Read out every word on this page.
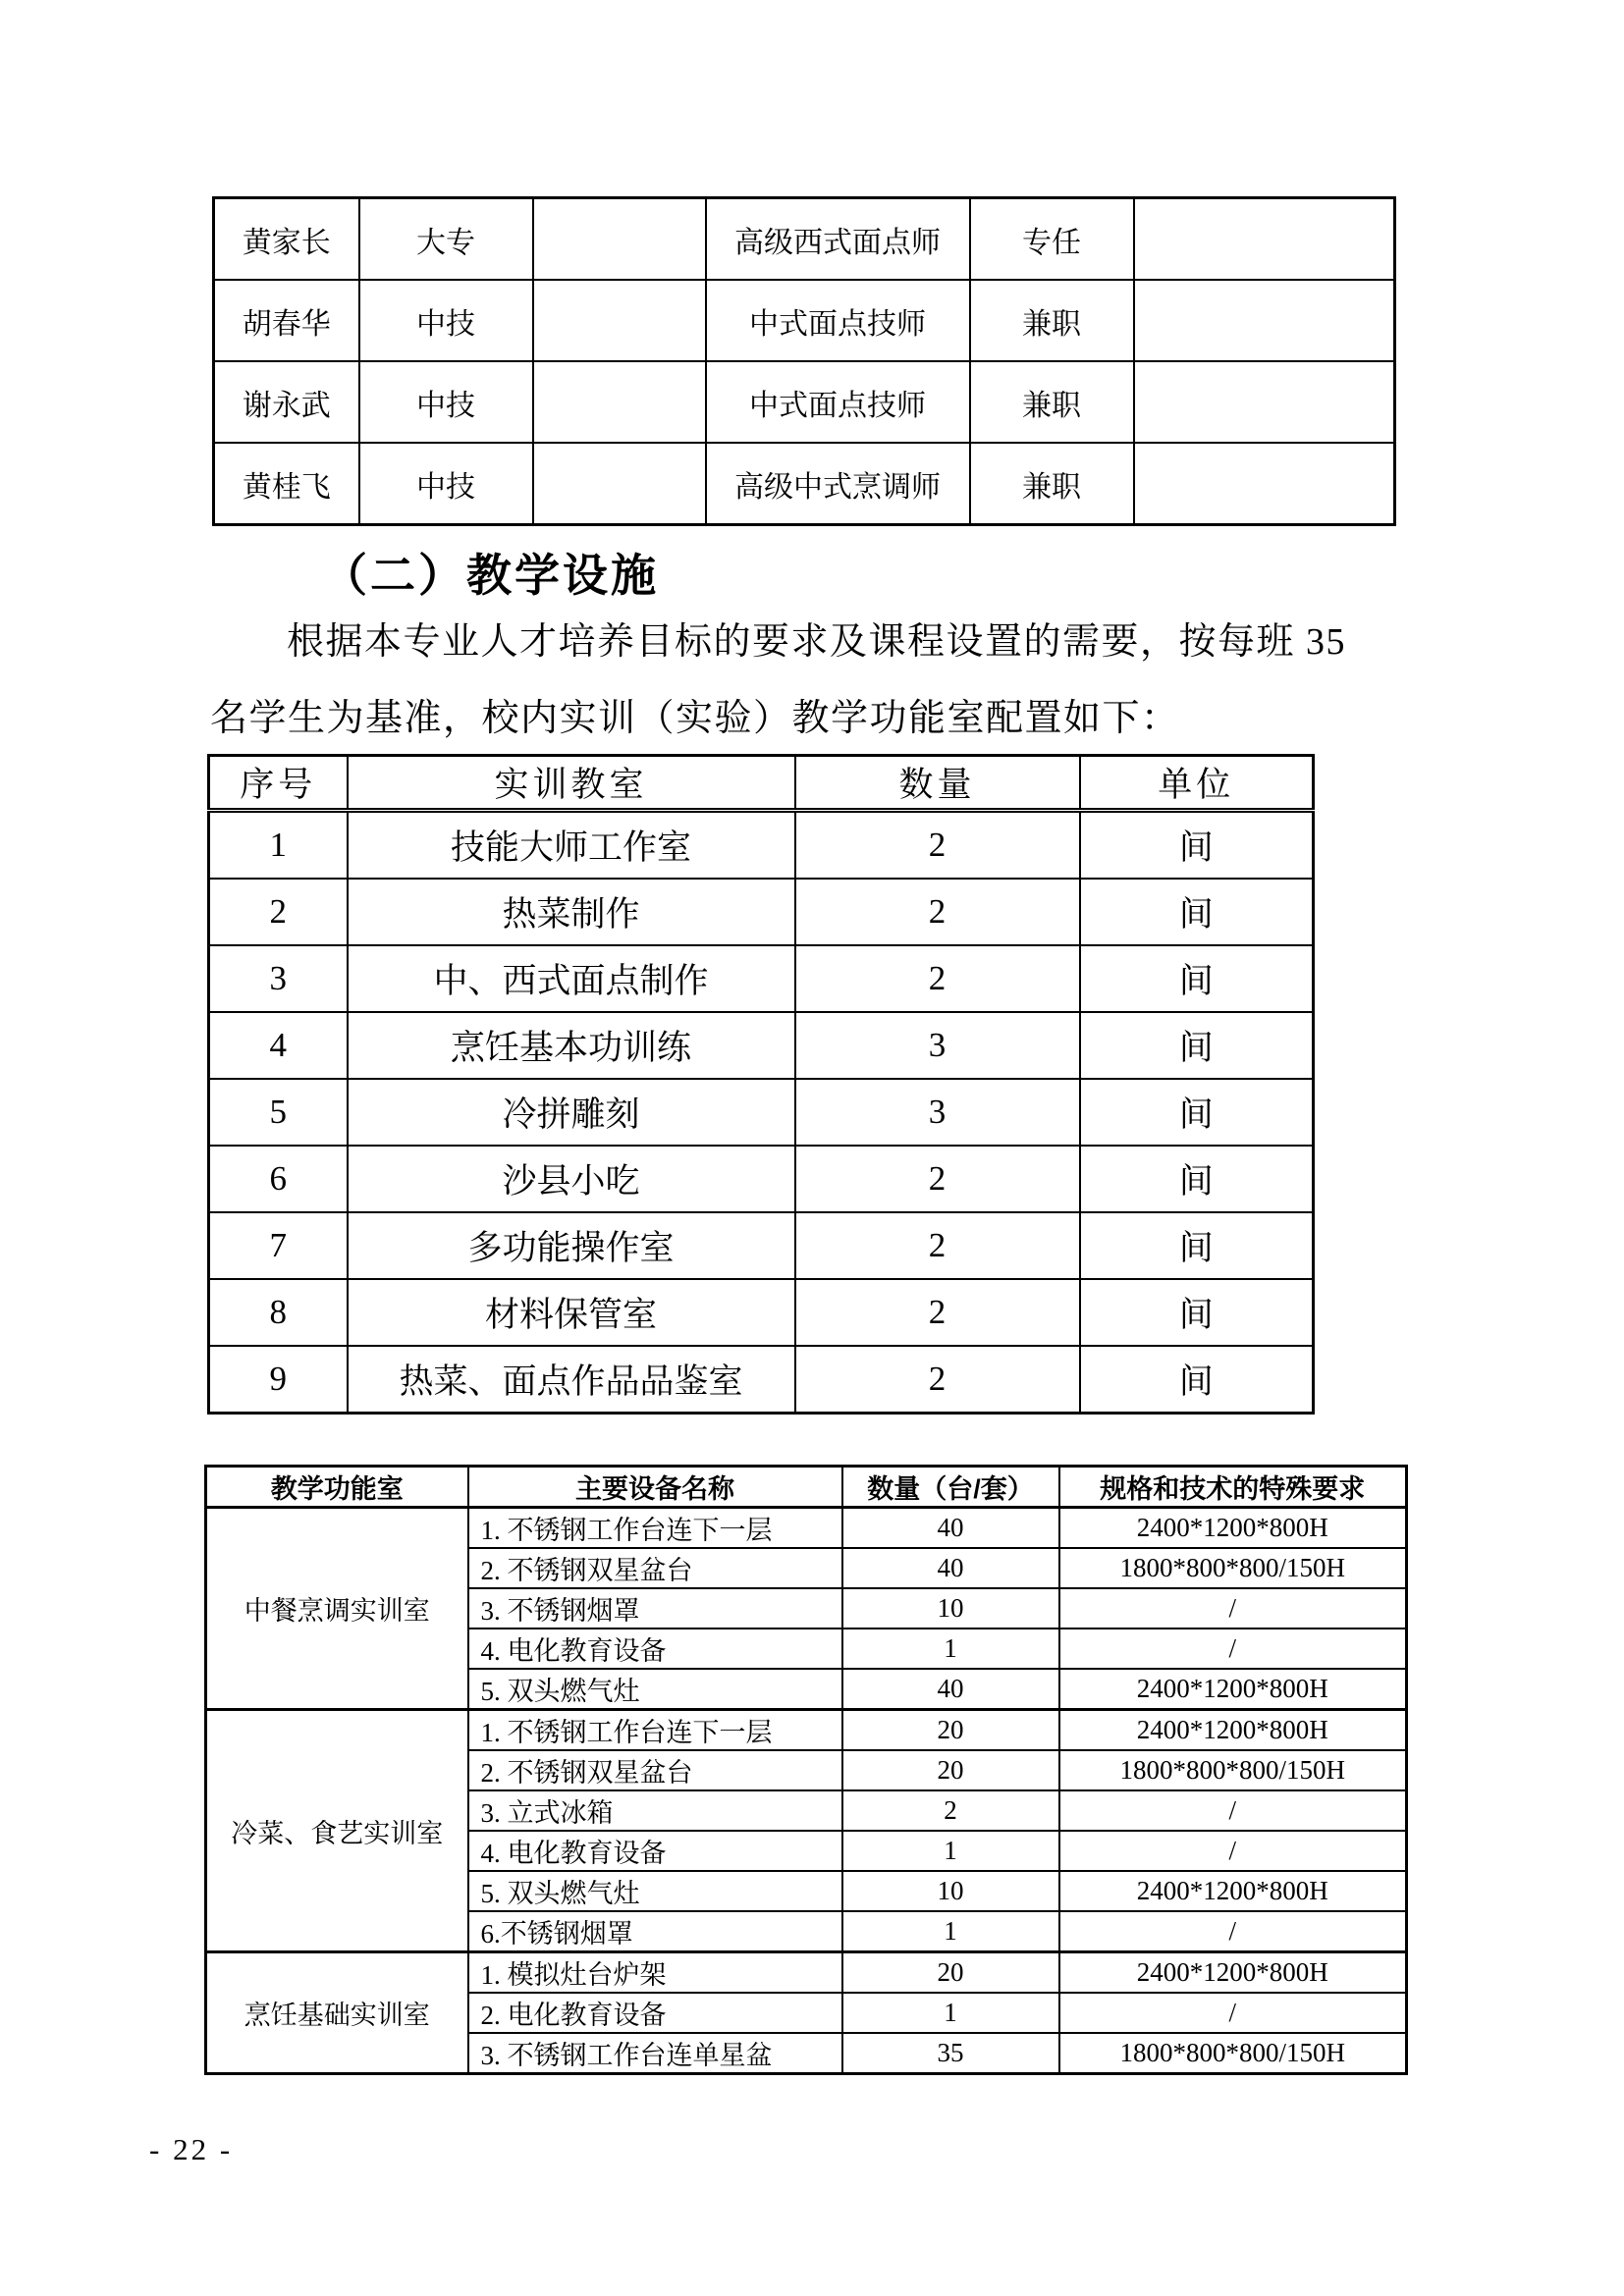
黄家长	大专		高级西式面点师	专任	
胡春华	中技		中式面点技师	兼职	
谢永武	中技		中式面点技师	兼职	
黄桂飞	中技		高级中式烹调师	兼职	
（二）教学设施
根据本专业人才培养目标的要求及课程设置的需要，按每班 35
名学生为基准，校内实训（实验）教学功能室配置如下：
序号	实训教室	数量	单位
1	技能大师工作室	2	间
2	热菜制作	2	间
3	中、西式面点制作	2	间
4	烹饪基本功训练	3	间
5	冷拼雕刻	3	间
6	沙县小吃	2	间
7	多功能操作室	2	间
8	材料保管室	2	间
9	热菜、面点作品品鉴室	2	间
教学功能室	主要设备名称	数量（台/套）	规格和技术的特殊要求
中餐烹调实训室	1. 不锈钢工作台连下一层	40	2400*1200*800H
	2. 不锈钢双星盆台	40	1800*800*800/150H
	3. 不锈钢烟罩	10	/
	4. 电化教育设备	1	/
	5. 双头燃气灶	40	2400*1200*800H
冷菜、食艺实训室	1. 不锈钢工作台连下一层	20	2400*1200*800H
	2. 不锈钢双星盆台	20	1800*800*800/150H
	3. 立式冰箱	2	/
	4. 电化教育设备	1	/
	5. 双头燃气灶	10	2400*1200*800H
	6.不锈钢烟罩	1	/
烹饪基础实训室	1. 模拟灶台炉架	20	2400*1200*800H
	2. 电化教育设备	1	/
	3. 不锈钢工作台连单星盆	35	1800*800*800/150H
- 22 -
